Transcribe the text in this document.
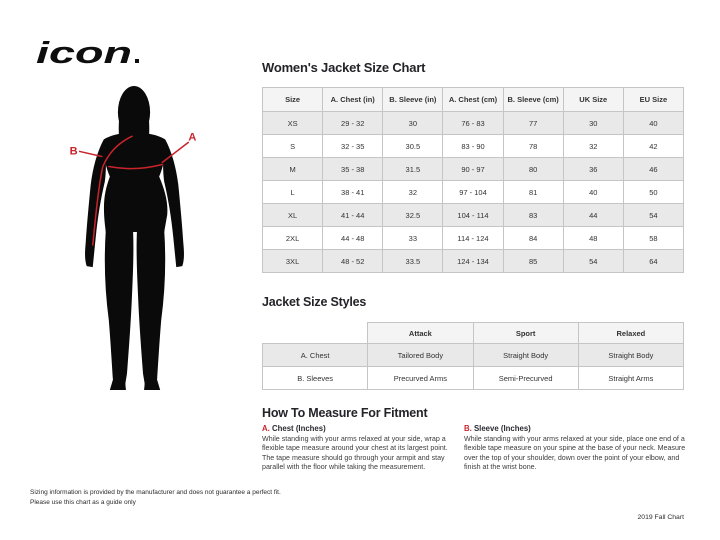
icon
A
B
Women's Jacket Size Chart
Size	A. Chest (in)	B. Sleeve (in)	A. Chest (cm)	B. Sleeve (cm)	UK Size	EU Size
XS	29 - 32	30	76 - 83	77	30	40
S	32 - 35	30.5	83 - 90	78	32	42
M	35 - 38	31.5	90 - 97	80	36	46
L	38 - 41	32	97 - 104	81	40	50
XL	41 - 44	32.5	104 - 114	83	44	54
2XL	44 - 48	33	114 - 124	84	48	58
3XL	48 - 52	33.5	124 - 134	85	54	64
Jacket Size Styles
	Attack	Sport	Relaxed
A. Chest	Tailored Body	Straight Body	Straight Body
B. Sleeves	Precurved Arms	Semi-Precurved	Straight Arms
How To Measure For Fitment
A. Chest (Inches)
While standing with your arms relaxed at your side, wrap a flexible tape measure around your chest at its largest point. The tape measure should go through your armpit and stay parallel with the floor while taking the measurement.
B. Sleeve (Inches)
While standing with your arms relaxed at your side, place one end of a flexible tape measure on your spine at the base of your neck. Measure over the top of your shoulder, down over the point of your elbow, and finish at the wrist bone.
Sizing information is provided by the manufacturer and does not guarantee a perfect fit.
Please use this chart as a guide only
2019 Fall Chart
